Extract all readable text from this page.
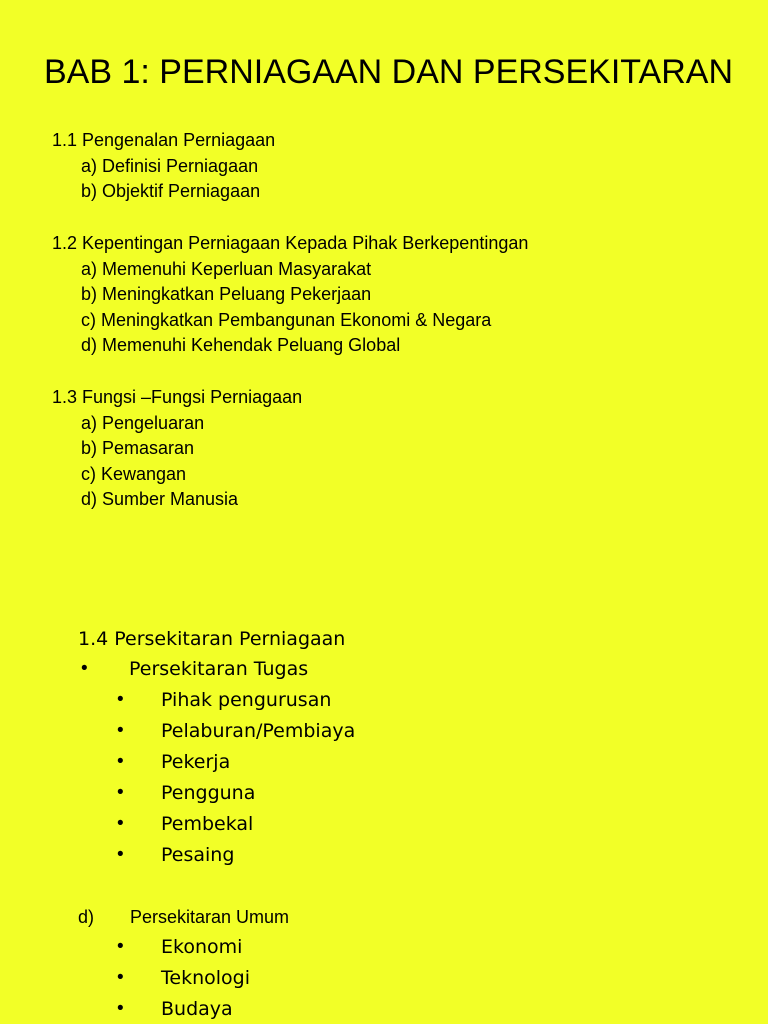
BAB 1: PERNIAGAAN DAN PERSEKITARAN
1.1 Pengenalan Perniagaan
a) Definisi Perniagaan
b) Objektif Perniagaan
1.2 Kepentingan Perniagaan Kepada Pihak Berkepentingan
a) Memenuhi Keperluan Masyarakat
b) Meningkatkan Peluang Pekerjaan
c) Meningkatkan Pembangunan Ekonomi & Negara
d) Memenuhi Kehendak Peluang Global
1.3 Fungsi –Fungsi Perniagaan
a) Pengeluaran
b) Pemasaran
c) Kewangan
d) Sumber Manusia
1.4 Persekitaran Perniagaan
• Persekitaran Tugas
• Pihak pengurusan
• Pelaburan/Pembiaya
• Pekerja
• Pengguna
• Pembekal
• Pesaing
d) Persekitaran Umum
• Ekonomi
• Teknologi
• Budaya
